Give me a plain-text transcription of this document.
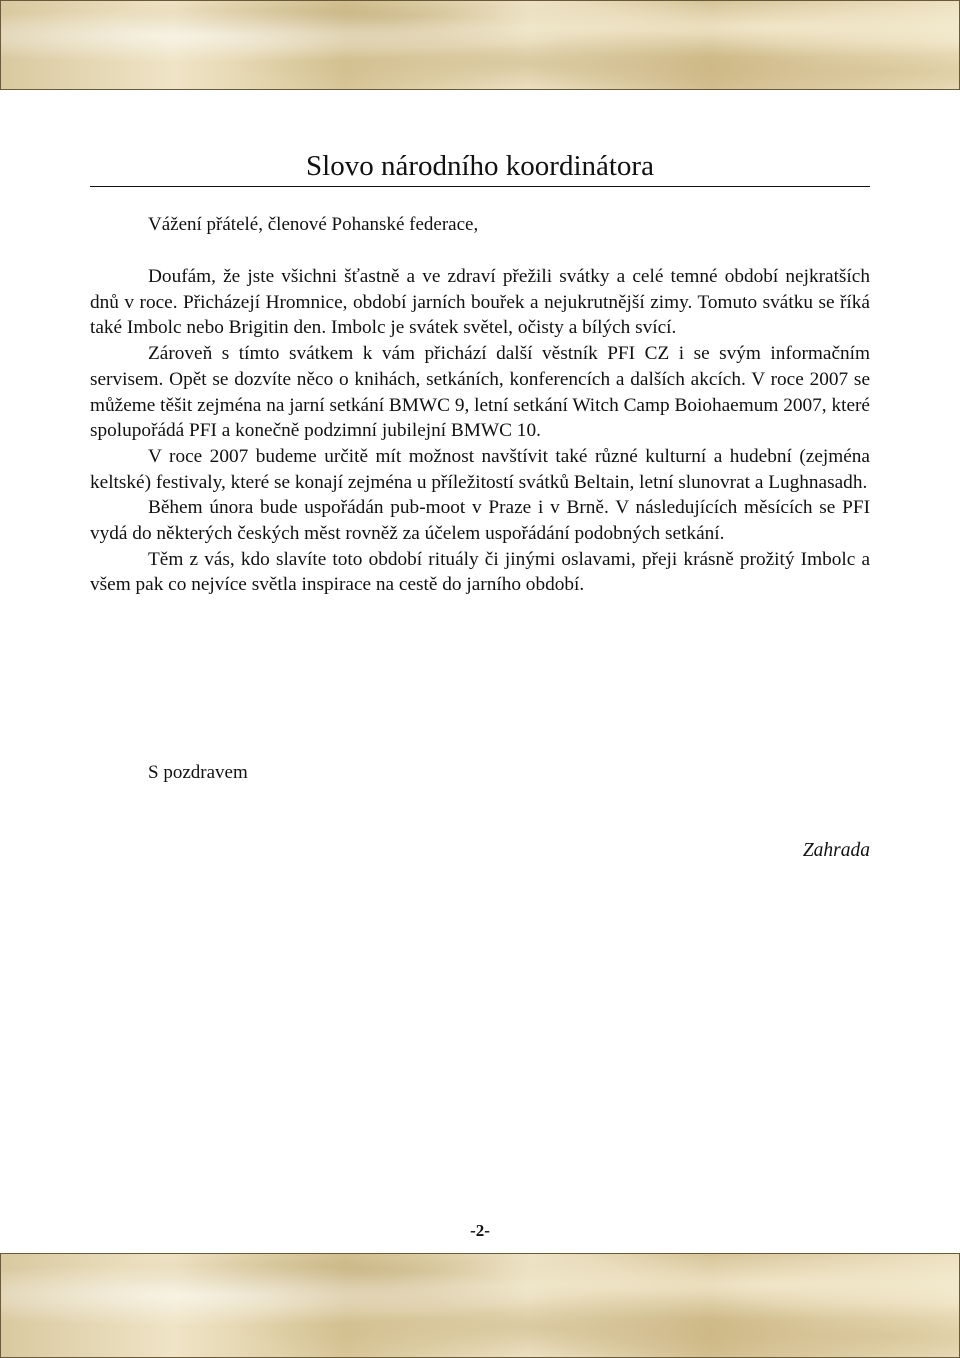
Slovo národního koordinátora

Vážení přátelé, členové Pohanské federace,

Doufám, že jste všichni šťastně a ve zdraví přežili svátky a celé temné období nejkratších dnů v roce. Přicházejí Hromnice, období jarních bouřek a nejukrutnější zimy. Tomuto svátku se říká také Imbolc nebo Brigitin den. Imbolc je svátek světel, očisty a bílých svící.

Zároveň s tímto svátkem k vám přichází další věstník PFI CZ i se svým informačním servisem. Opět se dozvíte něco o knihách, setkáních, konferencích a dalších akcích. V roce 2007 se můžeme těšit zejména na jarní setkání BMWC 9, letní setkání Witch Camp Boiohaemum 2007, které spolupořádá PFI a konečně podzimní jubilejní BMWC 10.

V roce 2007 budeme určitě mít možnost navštívit také různé kulturní a hudební (zejména keltské) festivaly, které se konají zejména u příležitostí svátků Beltain, letní slunovrat a Lughnasadh.

Během února bude uspořádán pub-moot v Praze i v Brně. V následujících měsících se PFI vydá do některých českých měst rovněž za účelem uspořádání podobných setkání.

Těm z vás, kdo slavíte toto období rituály či jinými oslavami, přeji krásně prožitý Imbolc a všem pak co nejvíce světla inspirace na cestě do jarního období.

S pozdravem

Zahrada

-2-
